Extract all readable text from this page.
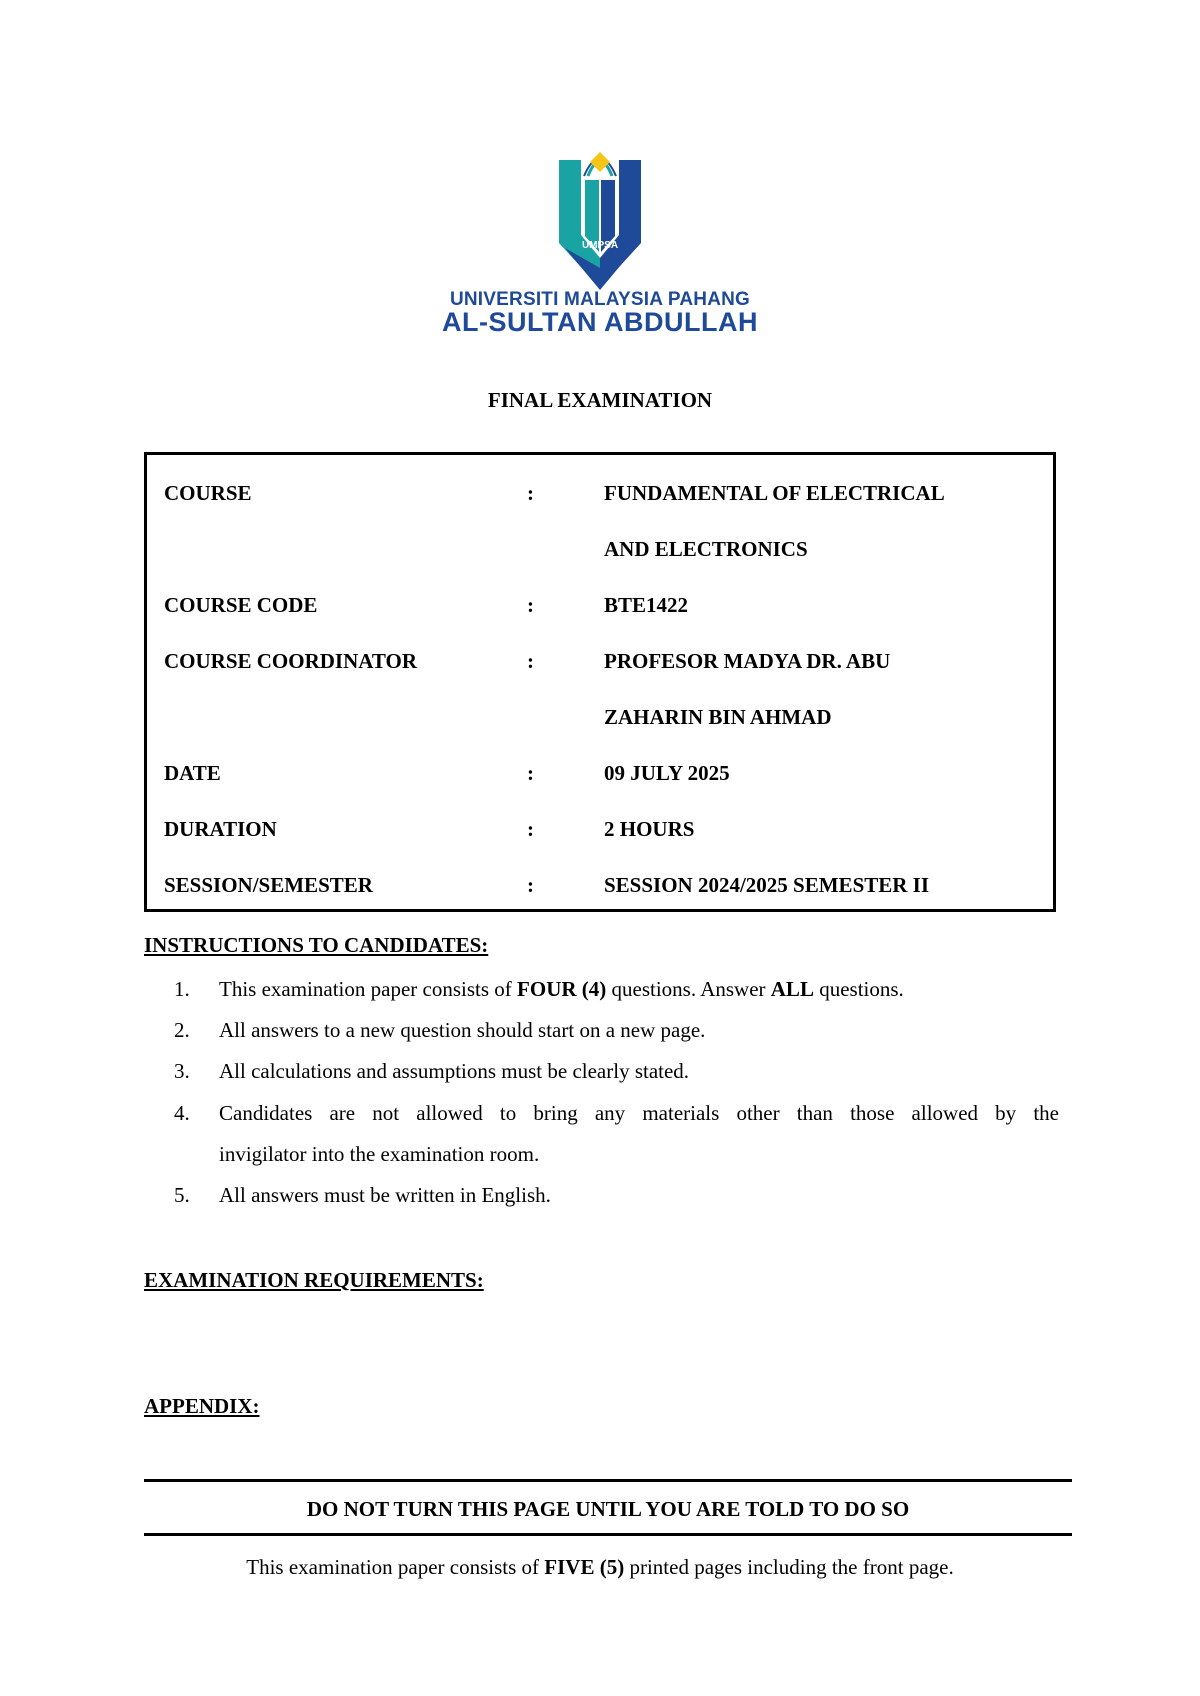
UMPSA
UNIVERSITI MALAYSIA PAHANG
AL-SULTAN ABDULLAH
FINAL EXAMINATION
COURSE	:	FUNDAMENTAL OF ELECTRICAL
AND ELECTRONICS
COURSE CODE	:	BTE1422
COURSE COORDINATOR	:	PROFESOR MADYA DR. ABU
ZAHARIN BIN AHMAD
DATE	:	09 JULY 2025
DURATION	:	2 HOURS
SESSION/SEMESTER	:	SESSION 2024/2025 SEMESTER II
INSTRUCTIONS TO CANDIDATES:
1. This examination paper consists of FOUR (4) questions. Answer ALL questions.
2. All answers to a new question should start on a new page.
3. All calculations and assumptions must be clearly stated.
4. Candidates are not allowed to bring any materials other than those allowed by the
invigilator into the examination room.
5. All answers must be written in English.
EXAMINATION REQUIREMENTS:
APPENDIX:
DO NOT TURN THIS PAGE UNTIL YOU ARE TOLD TO DO SO
This examination paper consists of FIVE (5) printed pages including the front page.
